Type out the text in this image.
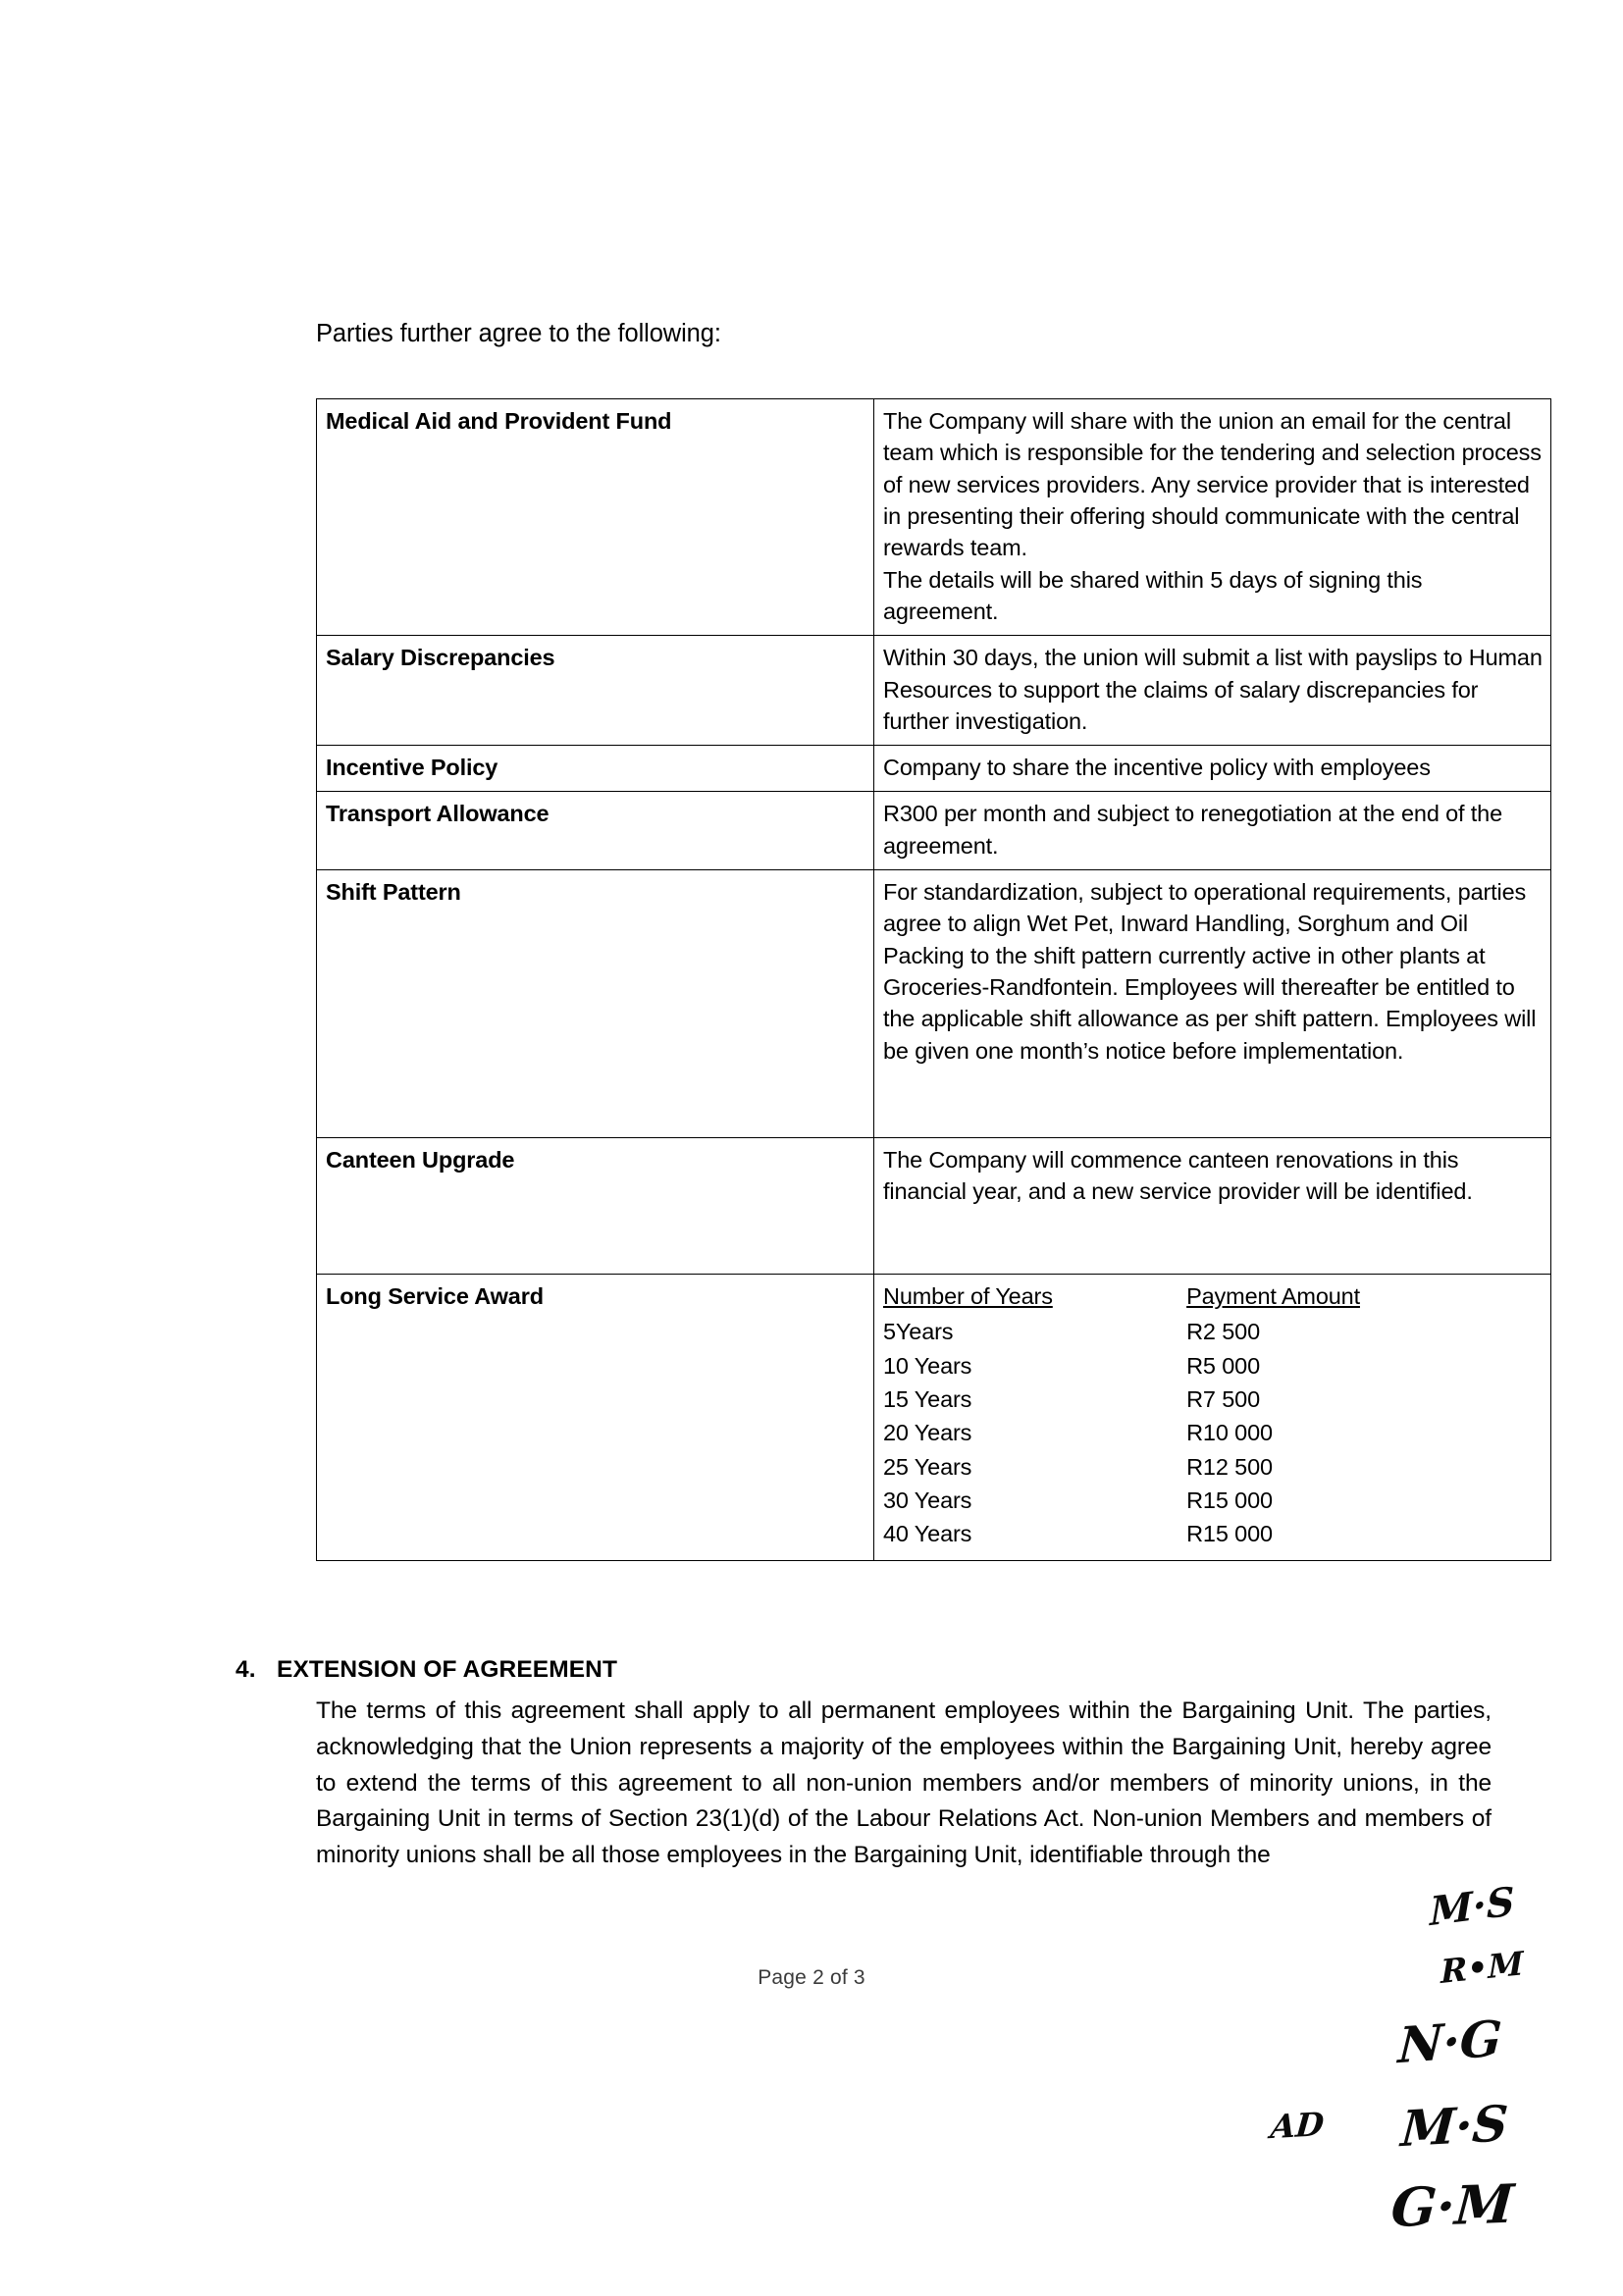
Parties further agree to the following:
Medical Aid and Provident Fund	The Company will share with the union an email for the central team which is responsible for the tendering and selection process of new services providers. Any service provider that is interested in presenting their offering should communicate with the central rewards team.

The details will be shared within 5 days of signing this agreement.

Salary Discrepancies	Within 30 days, the union will submit a list with payslips to Human Resources to support the claims of salary discrepancies for further investigation.

Incentive Policy	Company to share the incentive policy with employees

Transport Allowance	R300 per month and subject to renegotiation at the end of the agreement.

Shift Pattern	For standardization, subject to operational requirements, parties agree to align Wet Pet, Inward Handling, Sorghum and Oil Packing to the shift pattern currently active in other plants at Groceries-Randfontein. Employees will thereafter be entitled to the applicable shift allowance as per shift pattern. Employees will be given one month’s notice before implementation.

Canteen Upgrade	The Company will commence canteen renovations in this financial year, and a new service provider will be identified.

Long Service Award		Number of Years	Payment Amount
5Years	R2 500
10 Years	R5 000
15 Years	R7 500
20 Years	R10 000
25 Years	R12 500
30 Years	R15 000
40 Years	R15 000
4. EXTENSION OF AGREEMENT
The terms of this agreement shall apply to all permanent employees within the Bargaining Unit. The parties, acknowledging that the Union represents a majority of the employees within the Bargaining Unit, hereby agree to extend the terms of this agreement to all non-union members and/or members of minority unions, in the Bargaining Unit in terms of Section 23(1)(d) of the Labour Relations Act. Non-union Members and members of minority unions shall be all those employees in the Bargaining Unit, identifiable through the
Page 2 of 3
M·S
R•M
N·G
AD M·S
G·M
